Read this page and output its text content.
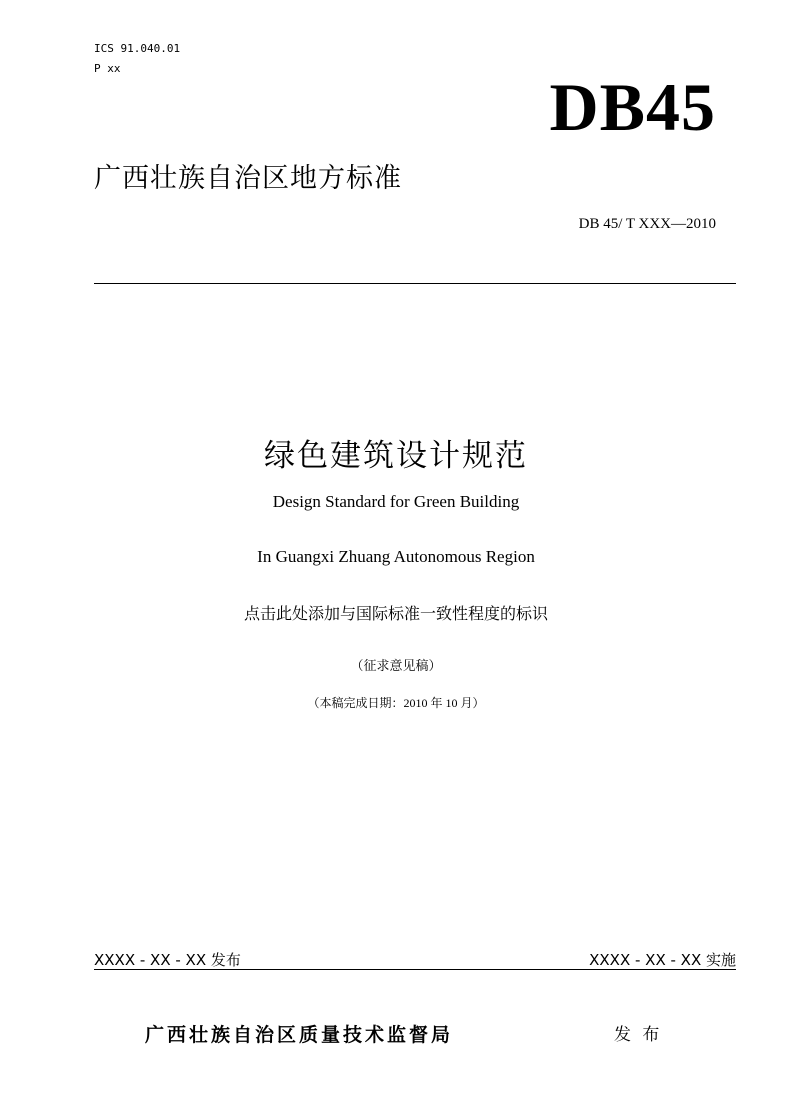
ICS 91.040.01
P xx
DB45
广西壮族自治区地方标准
DB 45/ T XXX—2010
绿色建筑设计规范
Design Standard for Green Building
In Guangxi Zhuang Autonomous Region
点击此处添加与国际标准一致性程度的标识
（征求意见稿）
（本稿完成日期：2010 年 10 月）
XXXX - XX - XX 发布	XXXX - XX - XX 实施
广西壮族自治区质量技术监督局	发 布
